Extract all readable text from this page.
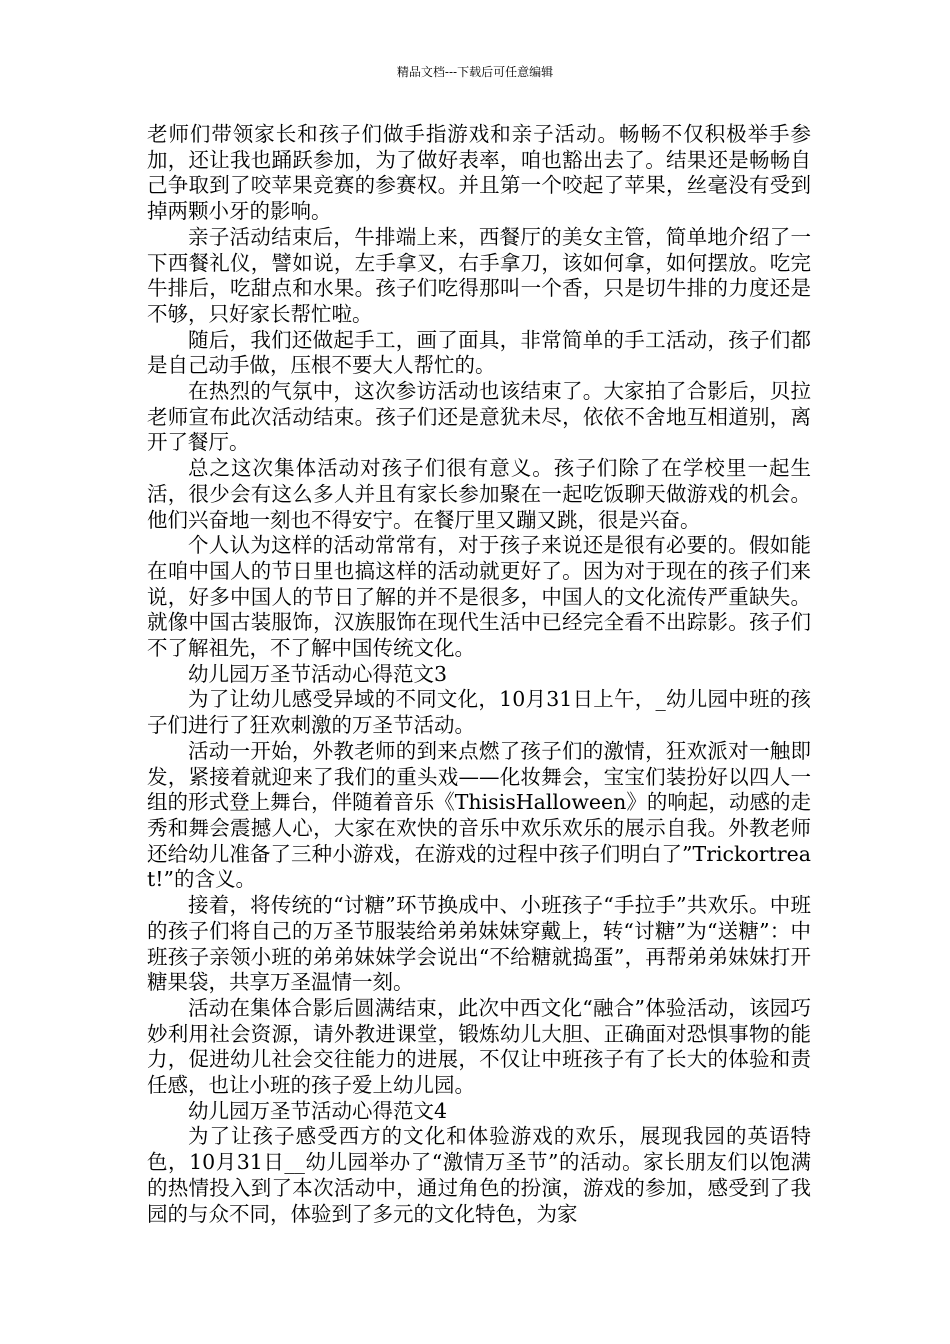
精品文档---下载后可任意编辑

老师们带领家长和孩子们做手指游戏和亲子活动。畅畅不仅积极举手参加，还让我也踊跃参加，为了做好表率，咱也豁出去了。结果还是畅畅自己争取到了咬苹果竞赛的参赛权。并且第一个咬起了苹果，丝毫没有受到掉两颗小牙的影响。

亲子活动结束后，牛排端上来，西餐厅的美女主管，简单地介绍了一下西餐礼仪，譬如说，左手拿叉，右手拿刀，该如何拿，如何摆放。吃完牛排后，吃甜点和水果。孩子们吃得那叫一个香，只是切牛排的力度还是不够，只好家长帮忙啦。

随后，我们还做起手工，画了面具，非常简单的手工活动，孩子们都是自己动手做，压根不要大人帮忙的。

在热烈的气氛中，这次参访活动也该结束了。大家拍了合影后，贝拉老师宣布此次活动结束。孩子们还是意犹未尽，依依不舍地互相道别，离开了餐厅。

总之这次集体活动对孩子们很有意义。孩子们除了在学校里一起生活，很少会有这么多人并且有家长参加聚在一起吃饭聊天做游戏的机会。他们兴奋地一刻也不得安宁。在餐厅里又蹦又跳，很是兴奋。

个人认为这样的活动常常有，对于孩子来说还是很有必要的。假如能在咱中国人的节日里也搞这样的活动就更好了。因为对于现在的孩子们来说，好多中国人的节日了解的并不是很多，中国人的文化流传严重缺失。就像中国古装服饰，汉族服饰在现代生活中已经完全看不出踪影。孩子们不了解祖先，不了解中国传统文化。

幼儿园万圣节活动心得范文3

为了让幼儿感受异域的不同文化，10月31日上午，_幼儿园中班的孩子们进行了狂欢刺激的万圣节活动。

活动一开始，外教老师的到来点燃了孩子们的激情，狂欢派对一触即发，紧接着就迎来了我们的重头戏——化妆舞会，宝宝们装扮好以四人一组的形式登上舞台，伴随着音乐《ThisisHalloween》的响起，动感的走秀和舞会震撼人心，大家在欢快的音乐中欢乐欢乐的展示自我。外教老师还给幼儿准备了三种小游戏，在游戏的过程中孩子们明白了”Trickortreat!”的含义。

接着，将传统的“讨糖”环节换成中、小班孩子“手拉手”共欢乐。中班的孩子们将自己的万圣节服装给弟弟妹妹穿戴上，转“讨糖”为“送糖”：中班孩子亲领小班的弟弟妹妹学会说出“不给糖就捣蛋”，再帮弟弟妹妹打开糖果袋，共享万圣温情一刻。

活动在集体合影后圆满结束，此次中西文化“融合”体验活动，该园巧妙利用社会资源，请外教进课堂，锻炼幼儿大胆、正确面对恐惧事物的能力，促进幼儿社会交往能力的进展，不仅让中班孩子有了长大的体验和责任感，也让小班的孩子爱上幼儿园。

幼儿园万圣节活动心得范文4

为了让孩子感受西方的文化和体验游戏的欢乐，展现我园的英语特色，10月31日__幼儿园举办了“激情万圣节”的活动。家长朋友们以饱满的热情投入到了本次活动中，通过角色的扮演，游戏的参加，感受到了我园的与众不同，体验到了多元的文化特色，为家
